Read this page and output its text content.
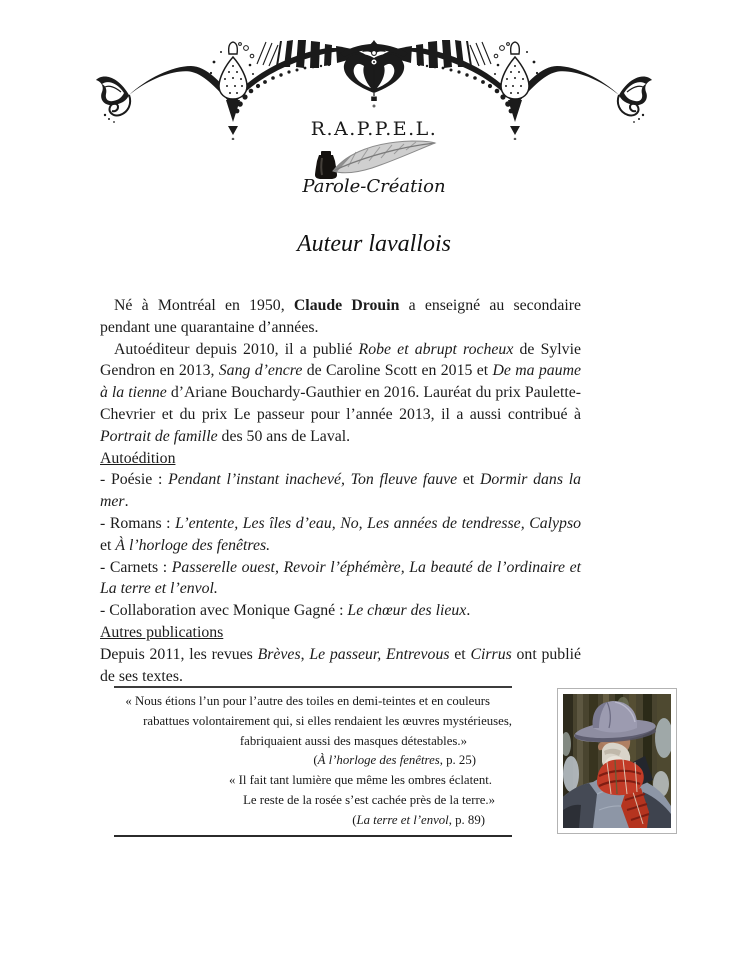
R.A.P.P.E.L.
Parole-Création
Auteur lavallois

Né à Montréal en 1950, Claude Drouin a enseigné au secondaire pendant une quarantaine d’années.

Autoéditeur depuis 2010, il a publié Robe et abrupt rocheux de Sylvie Gendron en 2013, Sang d’encre de Caroline Scott en 2015 et De ma paume à la tienne d’Ariane Bouchardy-Gauthier en 2016. Lauréat du prix Paulette-Chevrier et du prix Le passeur pour l’année 2013, il a aussi contribué à Portrait de famille des 50 ans de Laval.

Autoédition

- Poésie : Pendant l’instant inachevé, Ton fleuve fauve et Dormir dans la mer.

- Romans : L’entente, Les îles d’eau, No, Les années de tendresse, Calypso et À l’horloge des fenêtres.

- Carnets : Passerelle ouest, Revoir l’éphémère, La beauté de l’ordinaire et La terre et l’envol.

- Collaboration avec Monique Gagné : Le chœur des lieux.

Autres publications

Depuis 2011, les revues Brèves, Le passeur, Entrevous et Cirrus ont publié de ses textes.

« Nous étions l’un pour l’autre des toiles en demi-teintes et en couleurs
rabattues volontairement qui, si elles rendaient les œuvres mystérieuses,
fabriquaient aussi des masques détestables.»
(À l’horloge des fenêtres, p. 25)
« Il fait tant lumière que même les ombres éclatent.
Le reste de la rosée s’est cachée près de la terre.»
(La terre et l’envol, p. 89)
